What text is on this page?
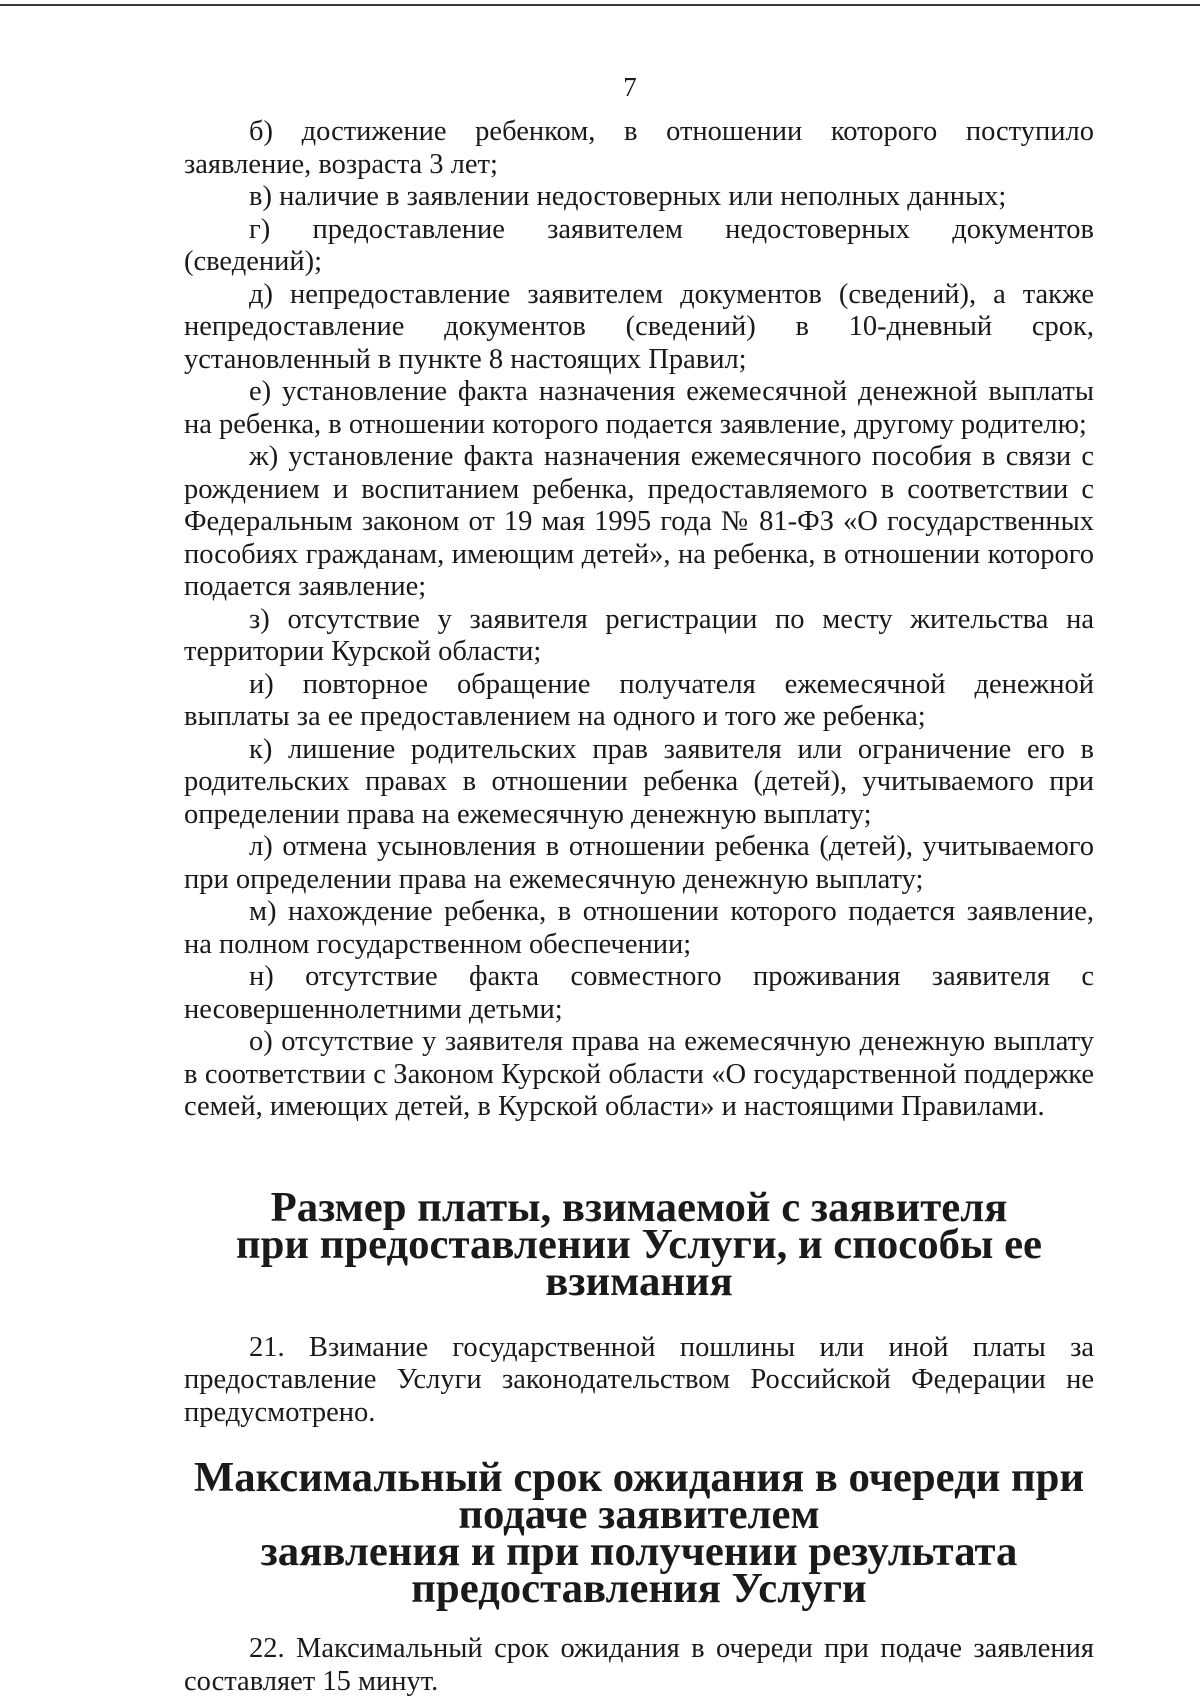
7

б) достижение ребенком, в отношении которого поступило заявление, возраста 3 лет;

в) наличие в заявлении недостоверных или неполных данных;

г) предоставление заявителем недостоверных документов (сведений);

д) непредоставление заявителем документов (сведений), а также непредоставление документов (сведений) в 10-дневный срок, установленный в пункте 8 настоящих Правил;

е) установление факта назначения ежемесячной денежной выплаты на ребенка, в отношении которого подается заявление, другому родителю;

ж) установление факта назначения ежемесячного пособия в связи с рождением и воспитанием ребенка, предоставляемого в соответствии с Федеральным законом от 19 мая 1995 года № 81-ФЗ «О государственных пособиях гражданам, имеющим детей», на ребенка, в отношении которого подается заявление;

з) отсутствие у заявителя регистрации по месту жительства на территории Курской области;

и) повторное обращение получателя ежемесячной денежной выплаты за ее предоставлением на одного и того же ребенка;

к) лишение родительских прав заявителя или ограничение его в родительских правах в отношении ребенка (детей), учитываемого при определении права на ежемесячную денежную выплату;

л) отмена усыновления в отношении ребенка (детей), учитываемого при определении права на ежемесячную денежную выплату;

м) нахождение ребенка, в отношении которого подается заявление, на полном государственном обеспечении;

н) отсутствие факта совместного проживания заявителя с несовершеннолетними детьми;

о) отсутствие у заявителя права на ежемесячную денежную выплату в соответствии с Законом Курской области «О государственной поддержке семей, имеющих детей, в Курской области» и настоящими Правилами.

Размер платы, взимаемой с заявителя
при предоставлении Услуги, и способы ее взимания

21. Взимание государственной пошлины или иной платы за предоставление Услуги законодательством Российской Федерации не предусмотрено.

Максимальный срок ожидания в очереди при подаче заявителем
заявления и при получении результата предоставления Услуги

22. Максимальный срок ожидания в очереди при подаче заявления составляет 15 минут.
